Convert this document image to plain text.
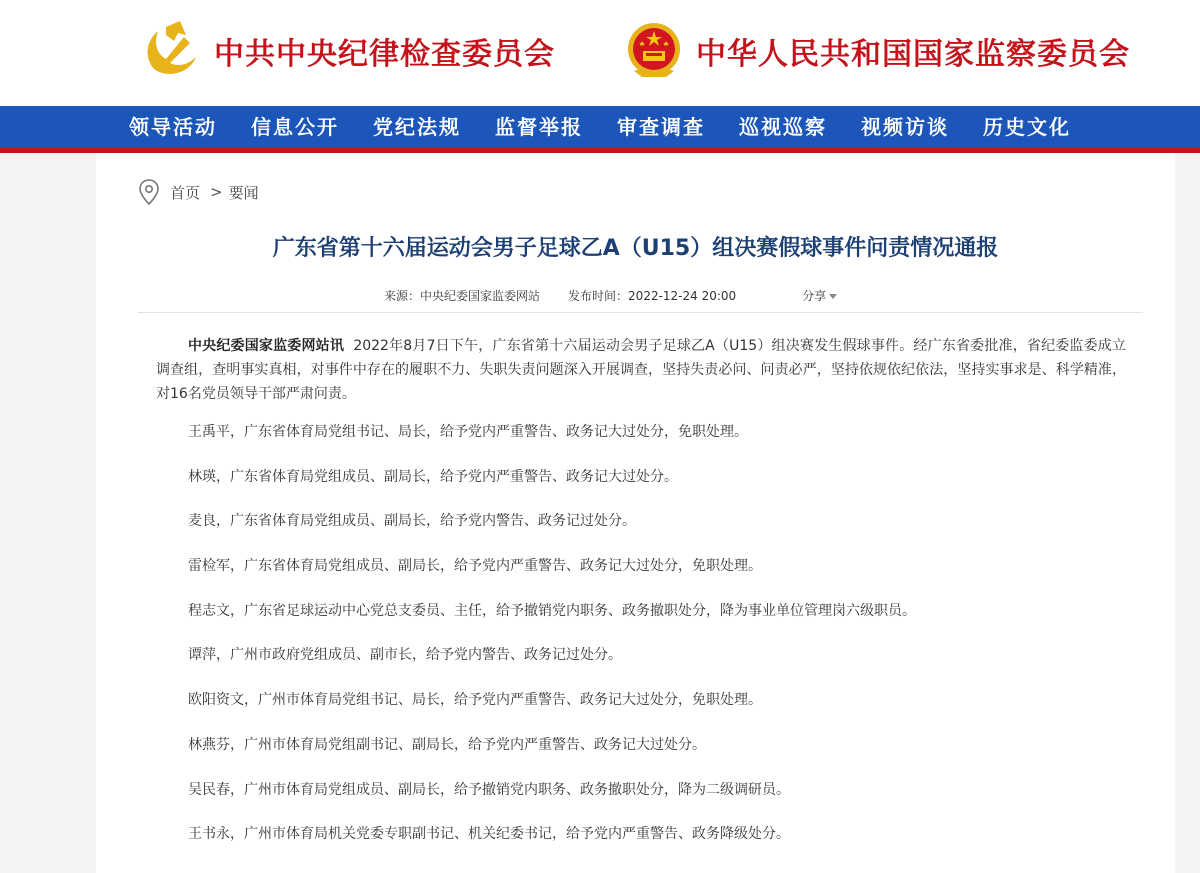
中共中央纪律检查委员会	中华人民共和国国家监察委员会
领导活动	信息公开	党纪法规	监督举报	审查调查	巡视巡察	视频访谈	历史文化
首页 > 要闻
广东省第十六届运动会男子足球乙A（U15）组决赛假球事件问责情况通报
来源： 中央纪委国家监委网站 发布时间： 2022-12-24 20:00	分享

中央纪委国家监委网站讯 2022年8月7日下午，广东省第十六届运动会男子足球乙A（U15）组决赛发生假球事件。经广东省委批准，省纪委监委成立调查组，查明事实真相，对事件中存在的履职不力、失职失责问题深入开展调查，坚持失责必问、问责必严，坚持依规依纪依法，坚持实事求是、科学精准，对16名党员领导干部严肃问责。

王禹平，广东省体育局党组书记、局长，给予党内严重警告、政务记大过处分，免职处理。

林瑛，广东省体育局党组成员、副局长，给予党内严重警告、政务记大过处分。

麦良，广东省体育局党组成员、副局长，给予党内警告、政务记过处分。

雷检军，广东省体育局党组成员、副局长，给予党内严重警告、政务记大过处分，免职处理。

程志文，广东省足球运动中心党总支委员、主任，给予撤销党内职务、政务撤职处分，降为事业单位管理岗六级职员。

谭萍，广州市政府党组成员、副市长，给予党内警告、政务记过处分。

欧阳资文，广州市体育局党组书记、局长，给予党内严重警告、政务记大过处分，免职处理。

林燕芬，广州市体育局党组副书记、副局长，给予党内严重警告、政务记大过处分。

吴民春，广州市体育局党组成员、副局长，给予撤销党内职务、政务撤职处分，降为二级调研员。

王书永，广州市体育局机关党委专职副书记、机关纪委书记，给予党内严重警告、政务降级处分。
